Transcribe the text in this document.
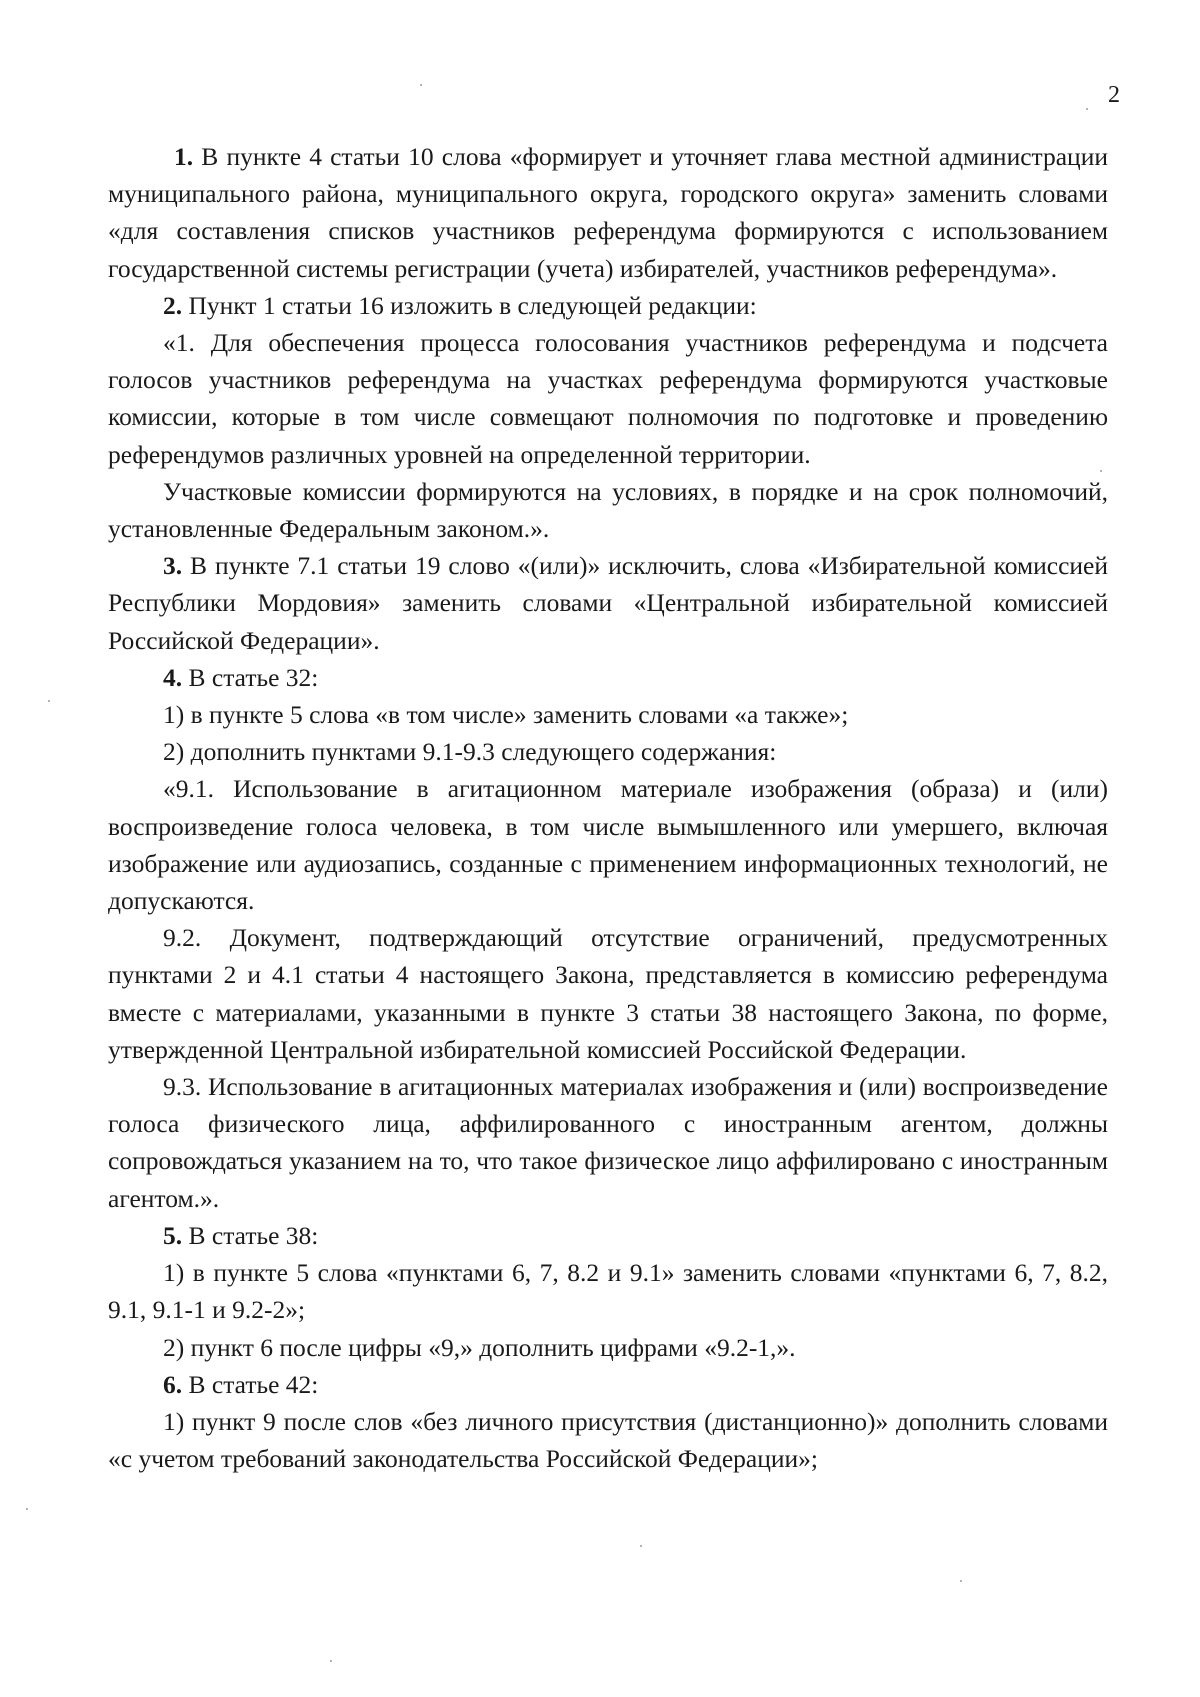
2

1. В пункте 4 статьи 10 слова «формирует и уточняет глава местной администрации муниципального района, муниципального округа, городского округа» заменить словами «для составления списков участников референдума формируются с использованием государственной системы регистрации (учета) избирателей, участников референдума».

2. Пункт 1 статьи 16 изложить в следующей редакции:

«1. Для обеспечения процесса голосования участников референдума и подсчета голосов участников референдума на участках референдума формируются участковые комиссии, которые в том числе совмещают полномочия по подготовке и проведению референдумов различных уровней на определенной территории.

Участковые комиссии формируются на условиях, в порядке и на срок полномочий, установленные Федеральным законом.».

3. В пункте 7.1 статьи 19 слово «(или)» исключить, слова «Избирательной комиссией Республики Мордовия» заменить словами «Центральной избирательной комиссией Российской Федерации».

4. В статье 32:

1) в пункте 5 слова «в том числе» заменить словами «а также»;

2) дополнить пунктами 9.1-9.3 следующего содержания:

«9.1. Использование в агитационном материале изображения (образа) и (или) воспроизведение голоса человека, в том числе вымышленного или умершего, включая изображение или аудиозапись, созданные с применением информационных технологий, не допускаются.

9.2. Документ, подтверждающий отсутствие ограничений, предусмотренных пунктами 2 и 4.1 статьи 4 настоящего Закона, представляется в комиссию референдума вместе с материалами, указанными в пункте 3 статьи 38 настоящего Закона, по форме, утвержденной Центральной избирательной комиссией Российской Федерации.

9.3. Использование в агитационных материалах изображения и (или) воспроизведение голоса физического лица, аффилированного с иностранным агентом, должны сопровождаться указанием на то, что такое физическое лицо аффилировано с иностранным агентом.».

5. В статье 38:

1) в пункте 5 слова «пунктами 6, 7, 8.2 и 9.1» заменить словами «пунктами 6, 7, 8.2, 9.1, 9.1-1 и 9.2-2»;

2) пункт 6 после цифры «9,» дополнить цифрами «9.2-1,».

6. В статье 42:

1) пункт 9 после слов «без личного присутствия (дистанционно)» дополнить словами «с учетом требований законодательства Российской Федерации»;
